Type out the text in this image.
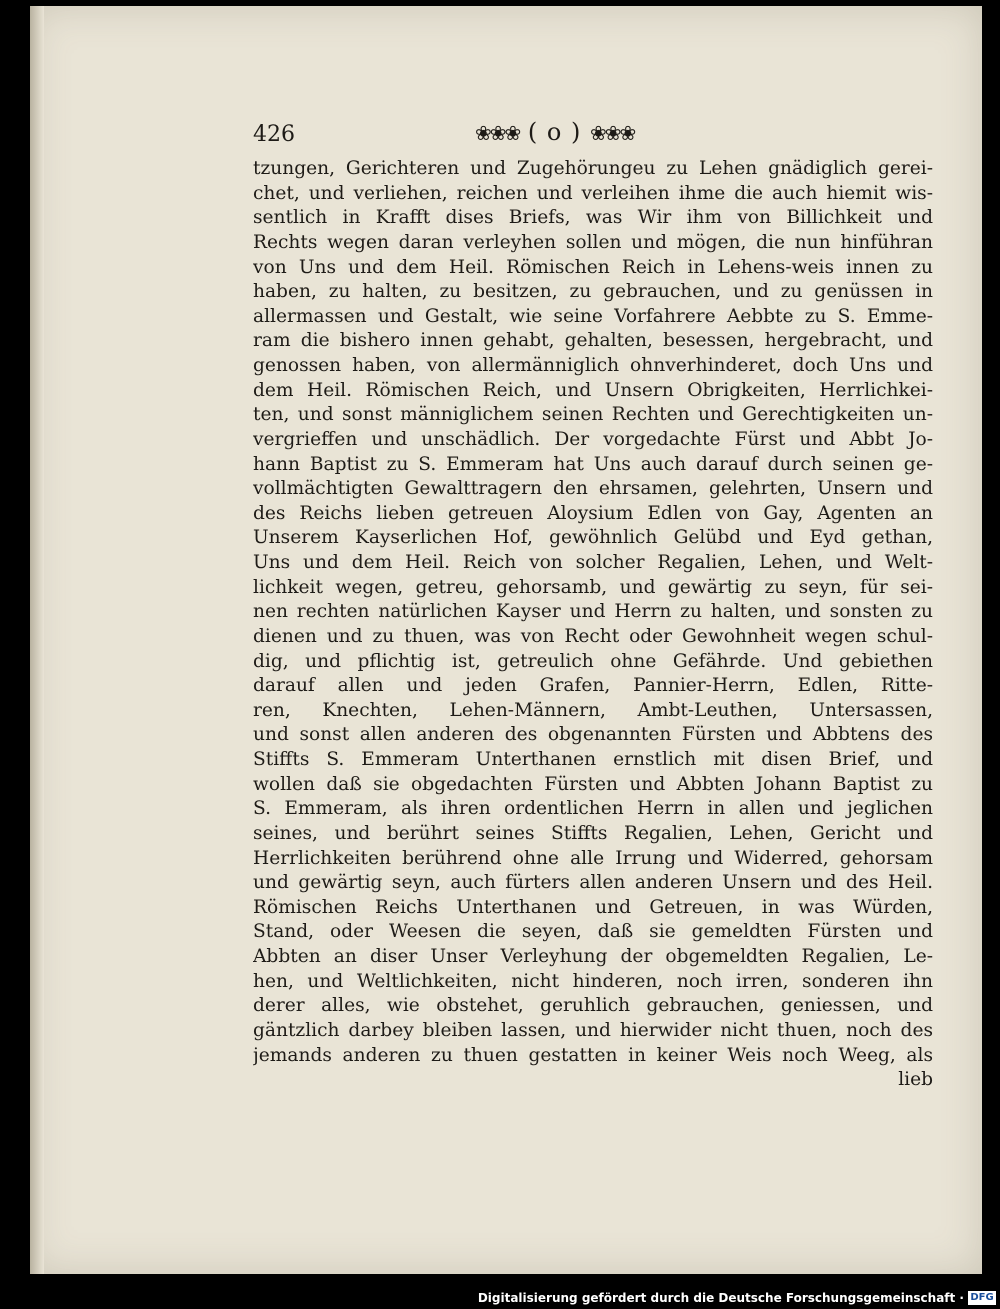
426	❀❀❀ ( o ) ❀❀❀
tzungen, Gerichteren und Zugehörungeu zu Lehen gnädiglich gerei-
chet, und verliehen, reichen und verleihen ihme die auch hiemit wis-
sentlich in Krafft dises Briefs, was Wir ihm von Billichkeit und
Rechts wegen daran verleyhen sollen und mögen, die nun hinführan
von Uns und dem Heil. Römischen Reich in Lehens-weis innen zu
haben, zu halten, zu besitzen, zu gebrauchen, und zu genüssen in
allermassen und Gestalt, wie seine Vorfahrere Aebbte zu S. Emme-
ram die bishero innen gehabt, gehalten, besessen, hergebracht, und
genossen haben, von allermänniglich ohnverhinderet, doch Uns und
dem Heil. Römischen Reich, und Unsern Obrigkeiten, Herrlichkei-
ten, und sonst männiglichem seinen Rechten und Gerechtigkeiten un-
vergrieffen und unschädlich. Der vorgedachte Fürst und Abbt Jo-
hann Baptist zu S. Emmeram hat Uns auch darauf durch seinen ge-
vollmächtigten Gewalttragern den ehrsamen, gelehrten, Unsern und
des Reichs lieben getreuen Aloysium Edlen von Gay, Agenten an
Unserem Kayserlichen Hof, gewöhnlich Gelübd und Eyd gethan,
Uns und dem Heil. Reich von solcher Regalien, Lehen, und Welt-
lichkeit wegen, getreu, gehorsamb, und gewärtig zu seyn, für sei-
nen rechten natürlichen Kayser und Herrn zu halten, und sonsten zu
dienen und zu thuen, was von Recht oder Gewohnheit wegen schul-
dig, und pflichtig ist, getreulich ohne Gefährde. Und gebiethen
darauf allen und jeden Grafen, Pannier-Herrn, Edlen, Ritte-
ren, Knechten, Lehen-Männern, Ambt-Leuthen, Untersassen,
und sonst allen anderen des obgenannten Fürsten und Abbtens des
Stiffts S. Emmeram Unterthanen ernstlich mit disen Brief, und
wollen daß sie obgedachten Fürsten und Abbten Johann Baptist zu
S. Emmeram, als ihren ordentlichen Herrn in allen und jeglichen
seines, und berührt seines Stiffts Regalien, Lehen, Gericht und
Herrlichkeiten berührend ohne alle Irrung und Widerred, gehorsam
und gewärtig seyn, auch fürters allen anderen Unsern und des Heil.
Römischen Reichs Unterthanen und Getreuen, in was Würden,
Stand, oder Weesen die seyen, daß sie gemeldten Fürsten und
Abbten an diser Unser Verleyhung der obgemeldten Regalien, Le-
hen, und Weltlichkeiten, nicht hinderen, noch irren, sonderen ihn
derer alles, wie obstehet, geruhlich gebrauchen, geniessen, und
gäntzlich darbey bleiben lassen, und hierwider nicht thuen, noch des
jemands anderen zu thuen gestatten in keiner Weis noch Weeg, als
lieb
Digitalisierung gefördert durch die Deutsche Forschungsgemeinschaft · DFG
